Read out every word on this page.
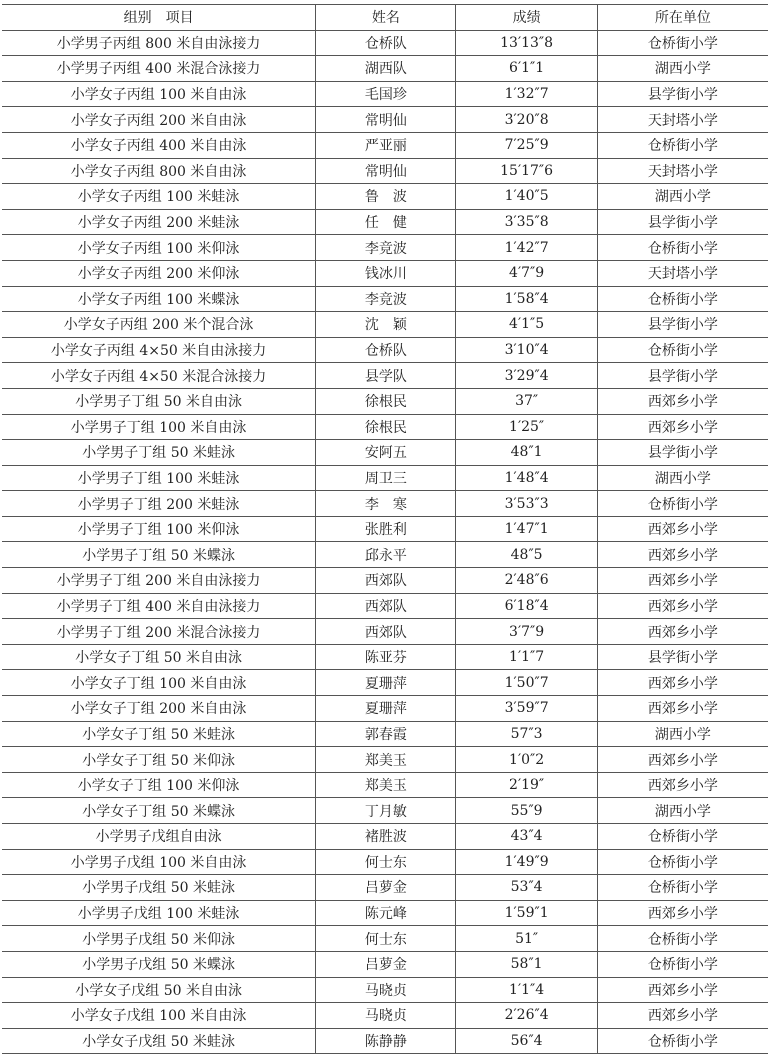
组别　项目	姓名	成绩	所在单位
小学男子丙组 800 米自由泳接力	仓桥队	13′13″8	仓桥街小学
小学男子丙组 400 米混合泳接力	湖西队	6′1″1	湖西小学
小学女子丙组 100 米自由泳	毛国珍	1′32″7	县学街小学
小学女子丙组 200 米自由泳	常明仙	3′20″8	天封塔小学
小学女子丙组 400 米自由泳	严亚丽	7′25″9	仓桥街小学
小学女子丙组 800 米自由泳	常明仙	15′17″6	天封塔小学
小学女子丙组 100 米蛙泳	鲁　波	1′40″5	湖西小学
小学女子丙组 200 米蛙泳	任　健	3′35″8	县学街小学
小学女子丙组 100 米仰泳	李竞波	1′42″7	仓桥街小学
小学女子丙组 200 米仰泳	钱冰川	4′7″9	天封塔小学
小学女子丙组 100 米蝶泳	李竞波	1′58″4	仓桥街小学
小学女子丙组 200 米个混合泳	沈　颖	4′1″5	县学街小学
小学女子丙组 4×50 米自由泳接力	仓桥队	3′10″4	仓桥街小学
小学女子丙组 4×50 米混合泳接力	县学队	3′29″4	县学街小学
小学男子丁组 50 米自由泳	徐根民	37″	西郊乡小学
小学男子丁组 100 米自由泳	徐根民	1′25″	西郊乡小学
小学男子丁组 50 米蛙泳	安阿五	48″1	县学街小学
小学男子丁组 100 米蛙泳	周卫三	1′48″4	湖西小学
小学男子丁组 200 米蛙泳	李　寒	3′53″3	仓桥街小学
小学男子丁组 100 米仰泳	张胜利	1′47″1	西郊乡小学
小学男子丁组 50 米蝶泳	邱永平	48″5	西郊乡小学
小学男子丁组 200 米自由泳接力	西郊队	2′48″6	西郊乡小学
小学男子丁组 400 米自由泳接力	西郊队	6′18″4	西郊乡小学
小学男子丁组 200 米混合泳接力	西郊队	3′7″9	西郊乡小学
小学女子丁组 50 米自由泳	陈亚芬	1′1″7	县学街小学
小学女子丁组 100 米自由泳	夏珊萍	1′50″7	西郊乡小学
小学女子丁组 200 米自由泳	夏珊萍	3′59″7	西郊乡小学
小学女子丁组 50 米蛙泳	郭春霞	57″3	湖西小学
小学女子丁组 50 米仰泳	郑美玉	1′0″2	西郊乡小学
小学女子丁组 100 米仰泳	郑美玉	2′19″	西郊乡小学
小学女子丁组 50 米蝶泳	丁月敏	55″9	湖西小学
小学男子戊组自由泳	褚胜波	43″4	仓桥街小学
小学男子戊组 100 米自由泳	何士东	1′49″9	仓桥街小学
小学男子戊组 50 米蛙泳	吕萝金	53″4	仓桥街小学
小学男子戊组 100 米蛙泳	陈元峰	1′59″1	西郊乡小学
小学男子戊组 50 米仰泳	何士东	51″	仓桥街小学
小学男子戊组 50 米蝶泳	吕萝金	58″1	仓桥街小学
小学女子戊组 50 米自由泳	马晓贞	1′1″4	西郊乡小学
小学女子戊组 100 米自由泳	马晓贞	2′26″4	西郊乡小学
小学女子戊组 50 米蛙泳	陈静静	56″4	仓桥街小学
